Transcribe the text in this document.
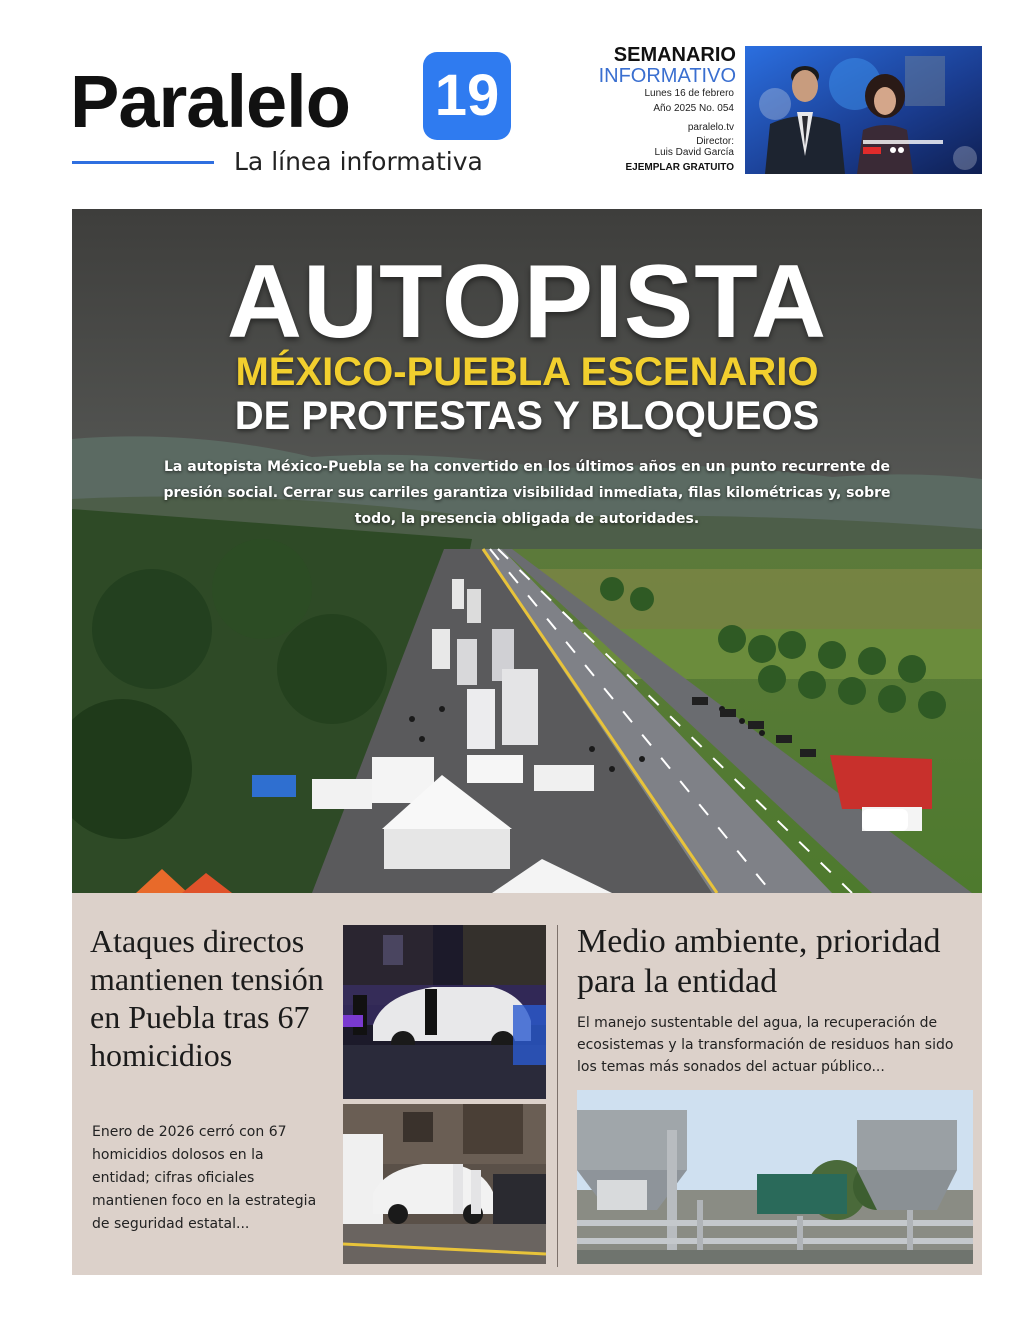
Paralelo 19
La línea informativa
SEMANARIO
INFORMATIVO
Lunes 16 de febrero
Año 2025 No. 054
paralelo.tv
Director:
Luis David García
EJEMPLAR GRATUITO
AUTOPISTA
MÉXICO-PUEBLA ESCENARIO
DE PROTESTAS Y BLOQUEOS
La autopista México-Puebla se ha convertido en los últimos años en un punto recurrente de presión social. Cerrar sus carriles garantiza visibilidad inmediata, filas kilométricas y, sobre todo, la presencia obligada de autoridades.
Ataques directos mantienen tensión en Puebla tras 67 homicidios
Enero de 2026 cerró con 67 homicidios dolosos en la entidad; cifras oficiales mantienen foco en la estrategia de seguridad estatal...
Medio ambiente, prioridad para la entidad
El manejo sustentable del agua, la recuperación de ecosistemas y la transformación de residuos han sido los temas más sonados del actuar público...
